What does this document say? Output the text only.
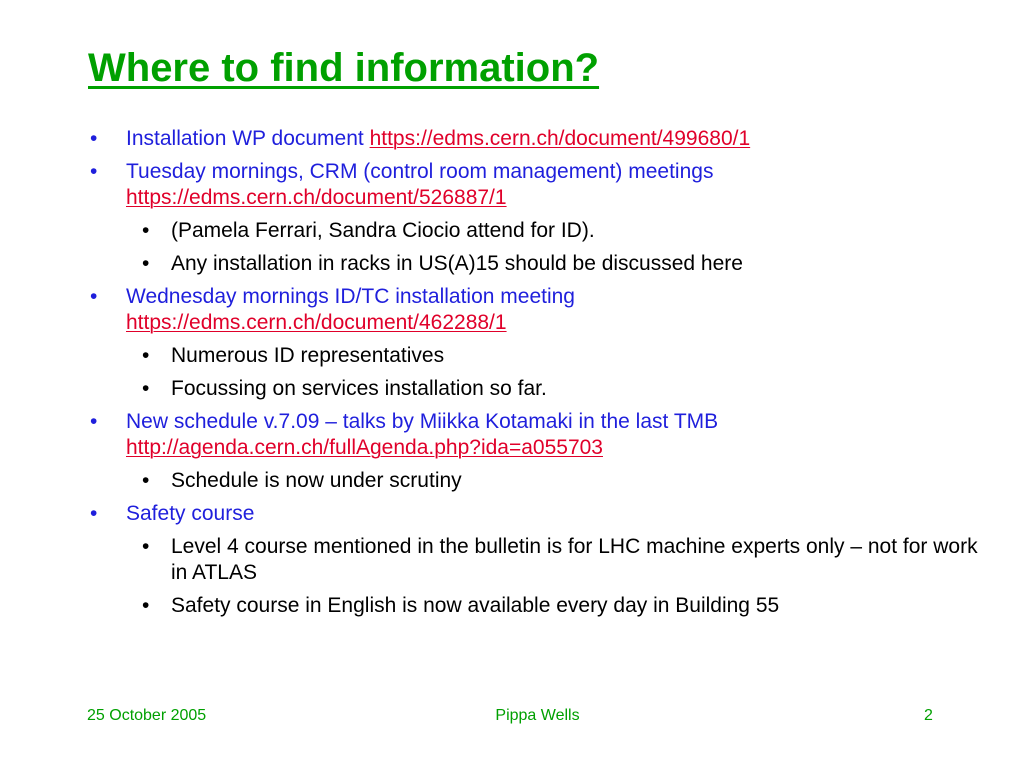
Where to find information?
• Installation WP document https://edms.cern.ch/document/499680/1
• Tuesday mornings, CRM (control room management) meetings
https://edms.cern.ch/document/526887/1
• (Pamela Ferrari, Sandra Ciocio attend for ID).
• Any installation in racks in US(A)15 should be discussed here
• Wednesday mornings ID/TC installation meeting
https://edms.cern.ch/document/462288/1
• Numerous ID representatives
• Focussing on services installation so far.
• New schedule v.7.09 – talks by Miikka Kotamaki in the last TMB
http://agenda.cern.ch/fullAgenda.php?ida=a055703
• Schedule is now under scrutiny
• Safety course
• Level 4 course mentioned in the bulletin is for LHC machine experts only – not for work in ATLAS
• Safety course in English is now available every day in Building 55
25 October 2005	Pippa Wells	2
